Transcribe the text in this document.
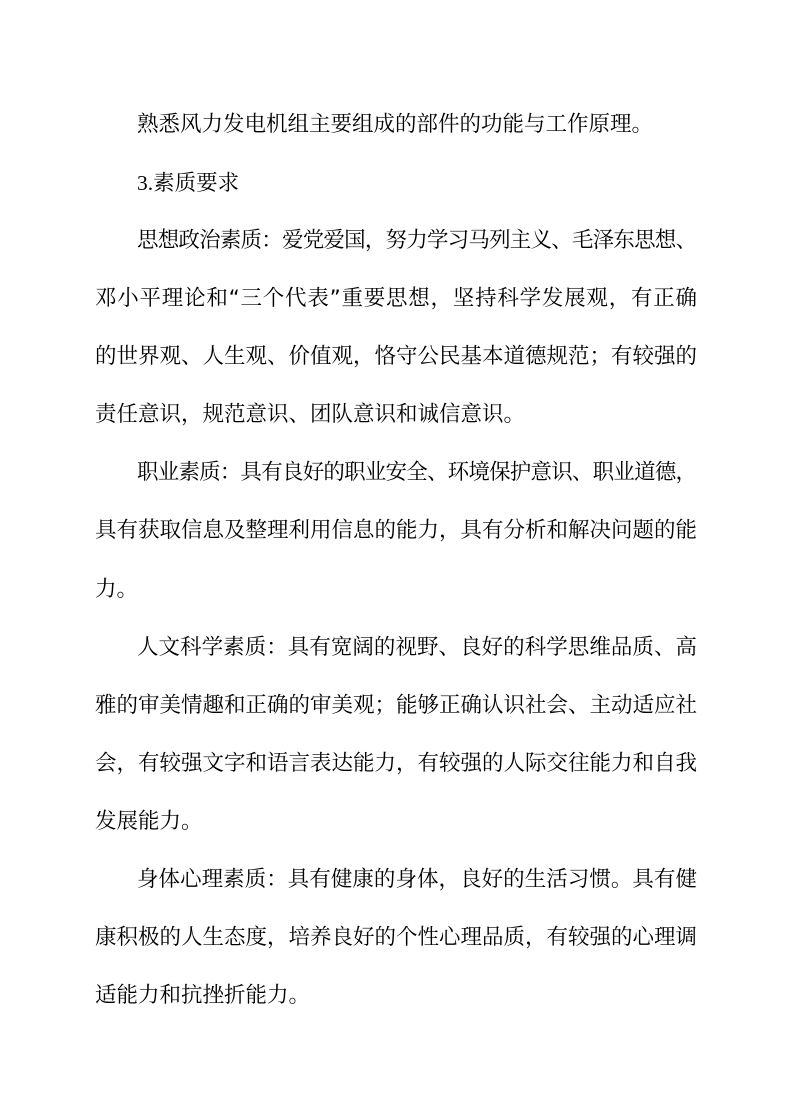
熟悉风力发电机组主要组成的部件的功能与工作原理。
3.素质要求
思想政治素质：爱党爱国，努力学习马列主义、毛泽东思想、
邓小平理论和“三个代表”重要思想，坚持科学发展观，有正确
的世界观、人生观、价值观，恪守公民基本道德规范；有较强的
责任意识，规范意识、团队意识和诚信意识。
职业素质：具有良好的职业安全、环境保护意识、职业道德，
具有获取信息及整理利用信息的能力，具有分析和解决问题的能
力。
人文科学素质：具有宽阔的视野、良好的科学思维品质、高
雅的审美情趣和正确的审美观；能够正确认识社会、主动适应社
会，有较强文字和语言表达能力，有较强的人际交往能力和自我
发展能力。
身体心理素质：具有健康的身体，良好的生活习惯。具有健
康积极的人生态度，培养良好的个性心理品质，有较强的心理调
适能力和抗挫折能力。
